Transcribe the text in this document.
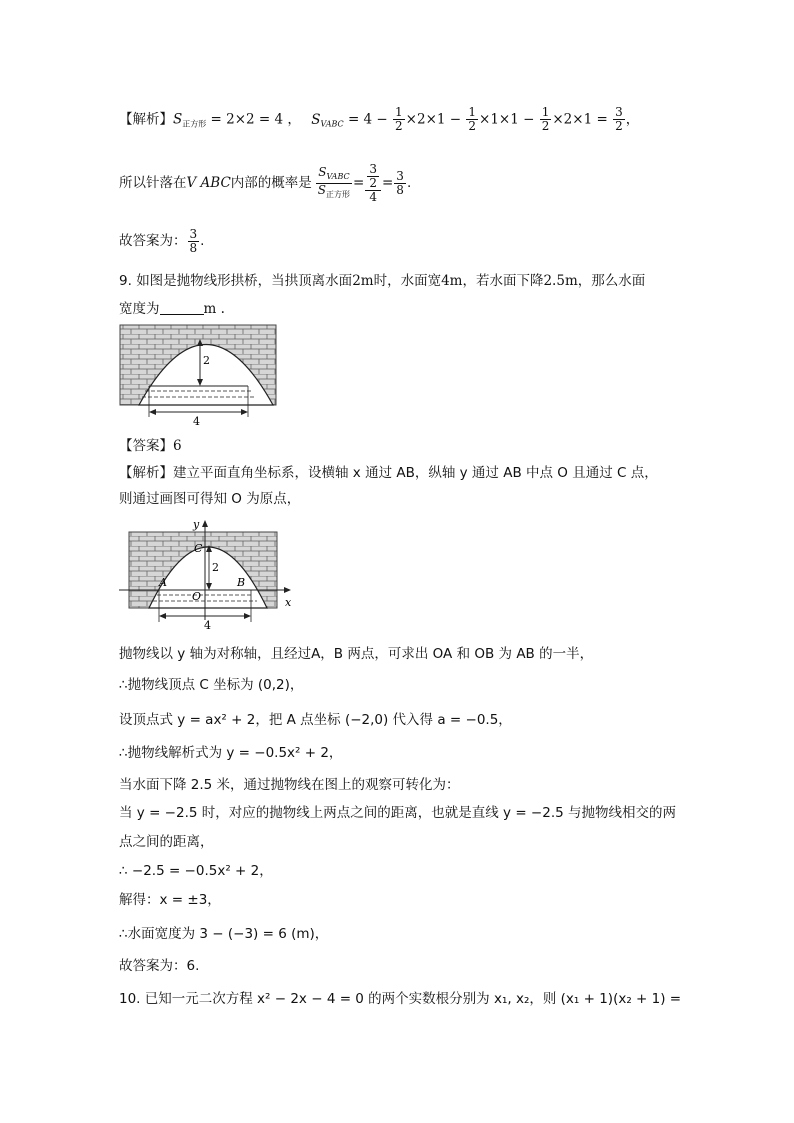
【解析】$S_{正方形} = 2\times 2 = 4$ ， $S_{VABC} = 4 - \frac{1}{2} \times 2\times 1 - \frac{1}{2} \times 1\times 1 - \frac{1}{2} \times 2\times 1 = \frac{3}{2}$ ，
所以针落在 V ABC 内部的概率是 $\frac{S_{VABC}}{S_{正方形}} = 3$
2
$4 = \frac{3}{8}$ .
故答案为： $\frac{3}{8}$ .
9. 如图是抛物线形拱桥，当拱顶离水面2m时，水面宽4m，若水面下降2.5m，那么水面
宽度为	m .
2
4
【答案】6
【解析】建立平面直角坐标系，设横轴 x 通过 AB，纵轴 y 通过 AB 中点 O 且通过 C 点，
则通过画图可得知 O 为原点，
2
y
x
C
A	B
O
4
抛物线以 y 轴为对称轴，且经过A，B 两点，可求出 OA 和 OB 为 AB 的一半，
∴抛物线顶点 C 坐标为 (0,2)，
设顶点式 y = ax² + 2，把 A 点坐标 (−2,0) 代入得 a = −0.5，
∴抛物线解析式为 y = −0.5x² + 2，
当水面下降 2.5 米，通过抛物线在图上的观察可转化为：
当 y = −2.5 时，对应的抛物线上两点之间的距离，也就是直线 y = −2.5 与抛物线相交的两
点之间的距离，
∴ −2.5 = −0.5x² + 2，
解得：x = ±3，
∴水面宽度为 3 − (−3) = 6 (m)，
故答案为：6.
10. 已知一元二次方程 x² − 2x − 4 = 0 的两个实数根分别为 x₁, x₂，则 (x₁ + 1)(x₂ + 1) =
